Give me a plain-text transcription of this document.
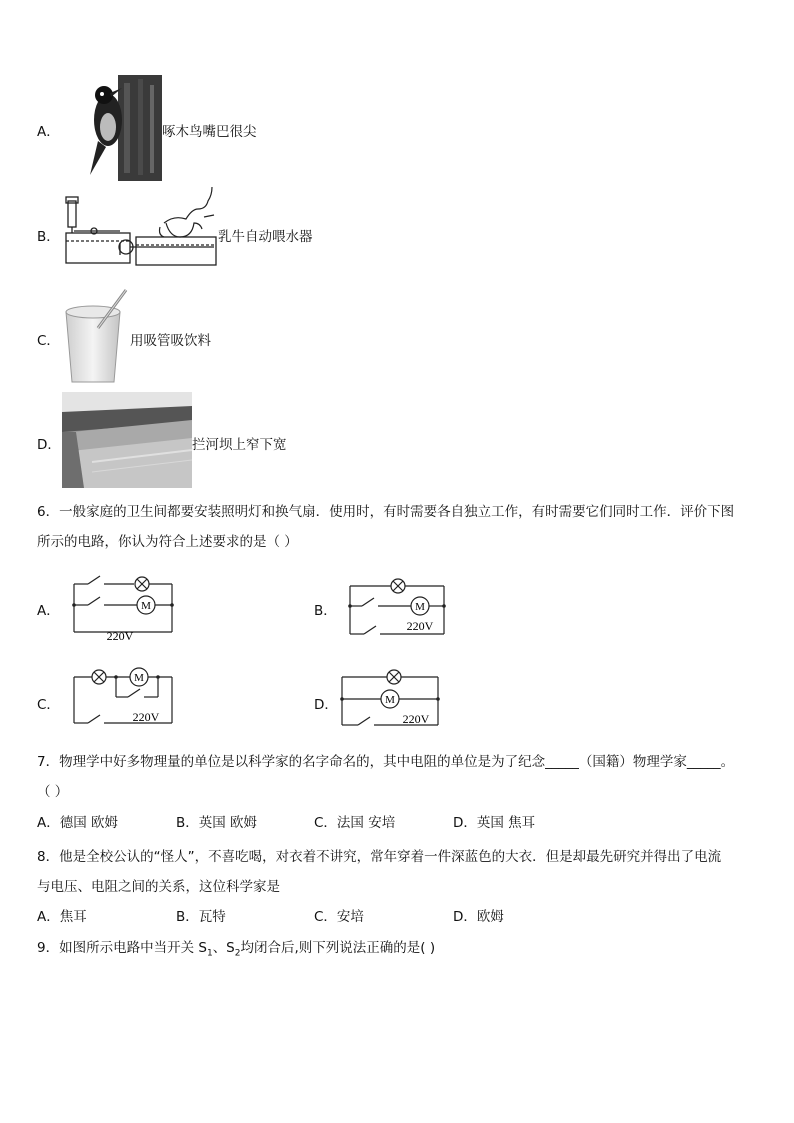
A．	啄木鸟嘴巴很尖
B．	乳牛自动喂水器
C．	用吸管吸饮料
D．	拦河坝上窄下宽
6．一般家庭的卫生间都要安装照明灯和换气扇．使用时，有时需要各自独立工作，有时需要它们同时工作．评价下图
所示的电路，你认为符合上述要求的是（ ）
A．	M
220V
B．	M
220V
C．
M
220V
D．	M
220V
7．物理学中好多物理量的单位是以科学家的名字命名的，其中电阻的单位是为了纪念_____（国籍）物理学家_____。
（ ）
A．德国 欧姆	B．英国 欧姆	C．法国 安培	D．英国 焦耳
8．他是全校公认的“怪人”，不喜吃喝，对衣着不讲究，常年穿着一件深蓝色的大衣．但是却最先研究并得出了电流
与电压、电阻之间的关系，这位科学家是
A．焦耳	B．瓦特	C．安培	D．欧姆
9．如图所示电路中当开关 $S_1$、$S_2$均闭合后,则下列说法正确的是( )
